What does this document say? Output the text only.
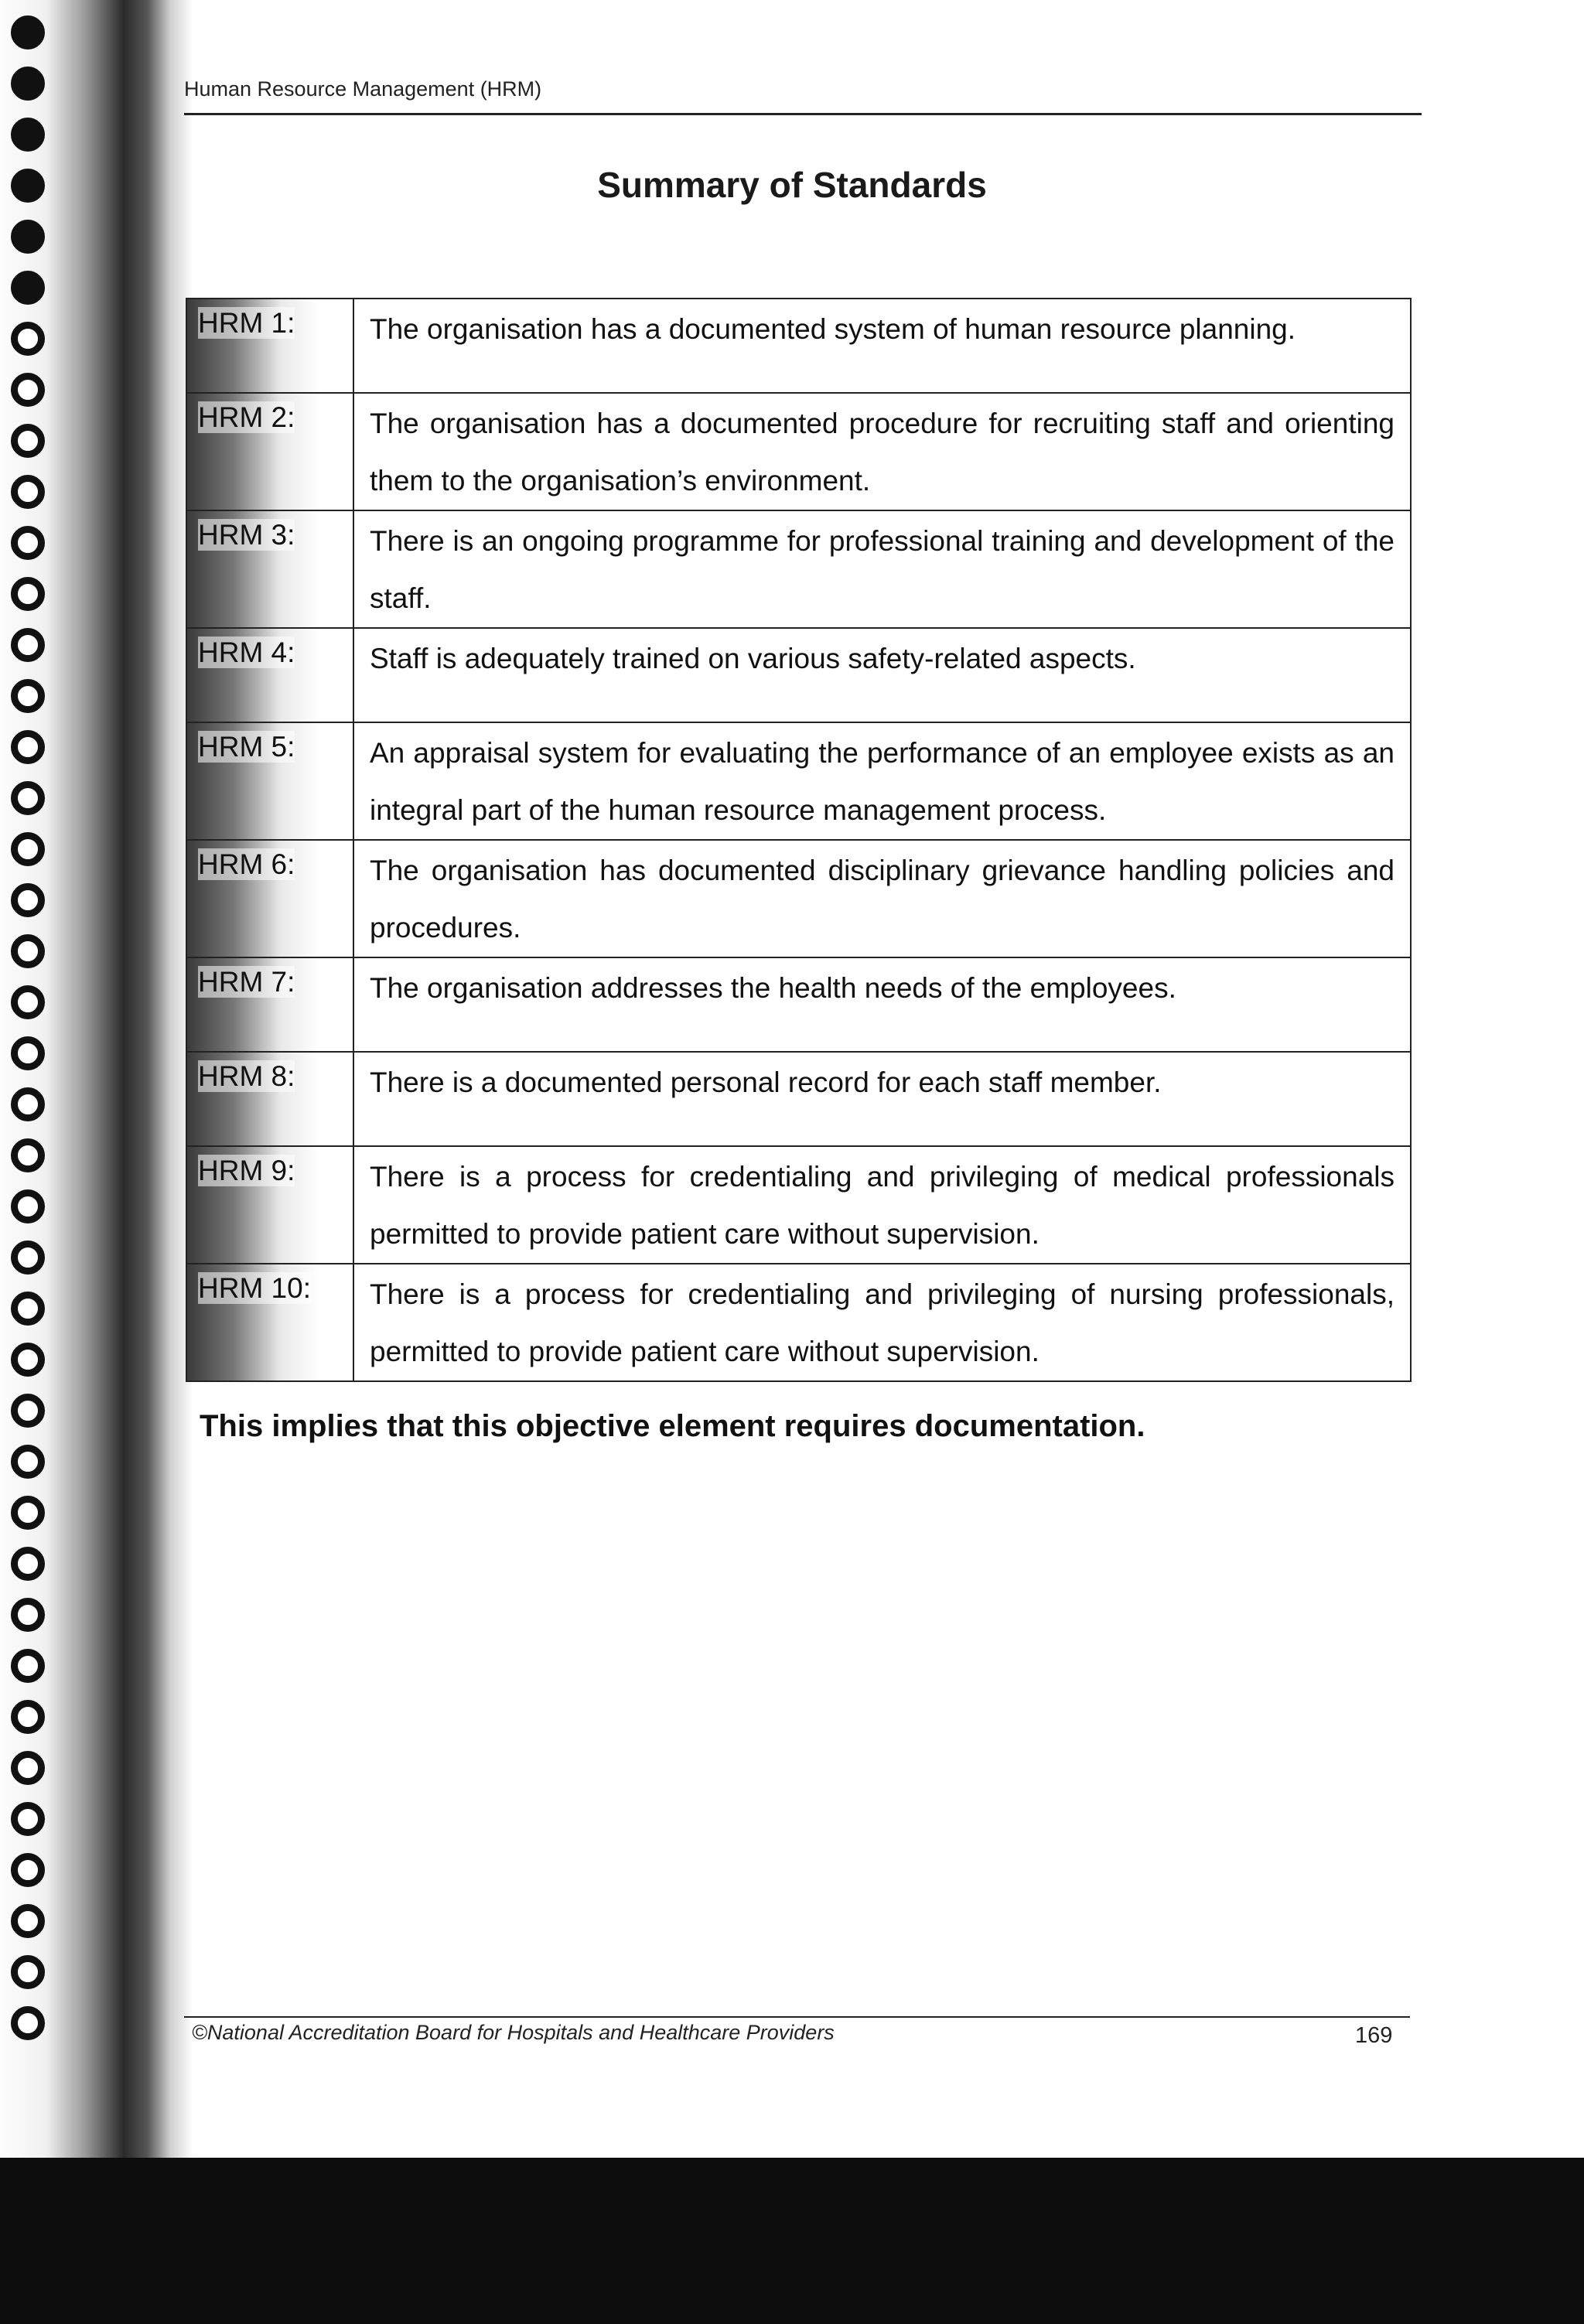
Human Resource Management (HRM)
Summary of Standards
HRM 1:	The organisation has a documented system of human resource planning.
HRM 2:	The organisation has a documented procedure for recruiting staff and orienting them to the organisation’s environment.
HRM 3:	There is an ongoing programme for professional training and development of the staff.
HRM 4:	Staff is adequately trained on various safety-related aspects.
HRM 5:	An appraisal system for evaluating the performance of an employee exists as an integral part of the human resource management process.
HRM 6:	The organisation has documented disciplinary grievance handling policies and procedures.
HRM 7:	The organisation addresses the health needs of the employees.
HRM 8:	There is a documented personal record for each staff member.
HRM 9:	There is a process for credentialing and privileging of medical professionals permitted to provide patient care without supervision.
HRM 10:	There is a process for credentialing and privileging of nursing professionals, permitted to provide patient care without supervision.
This implies that this objective element requires documentation.
©National Accreditation Board for Hospitals and Healthcare Providers	169
